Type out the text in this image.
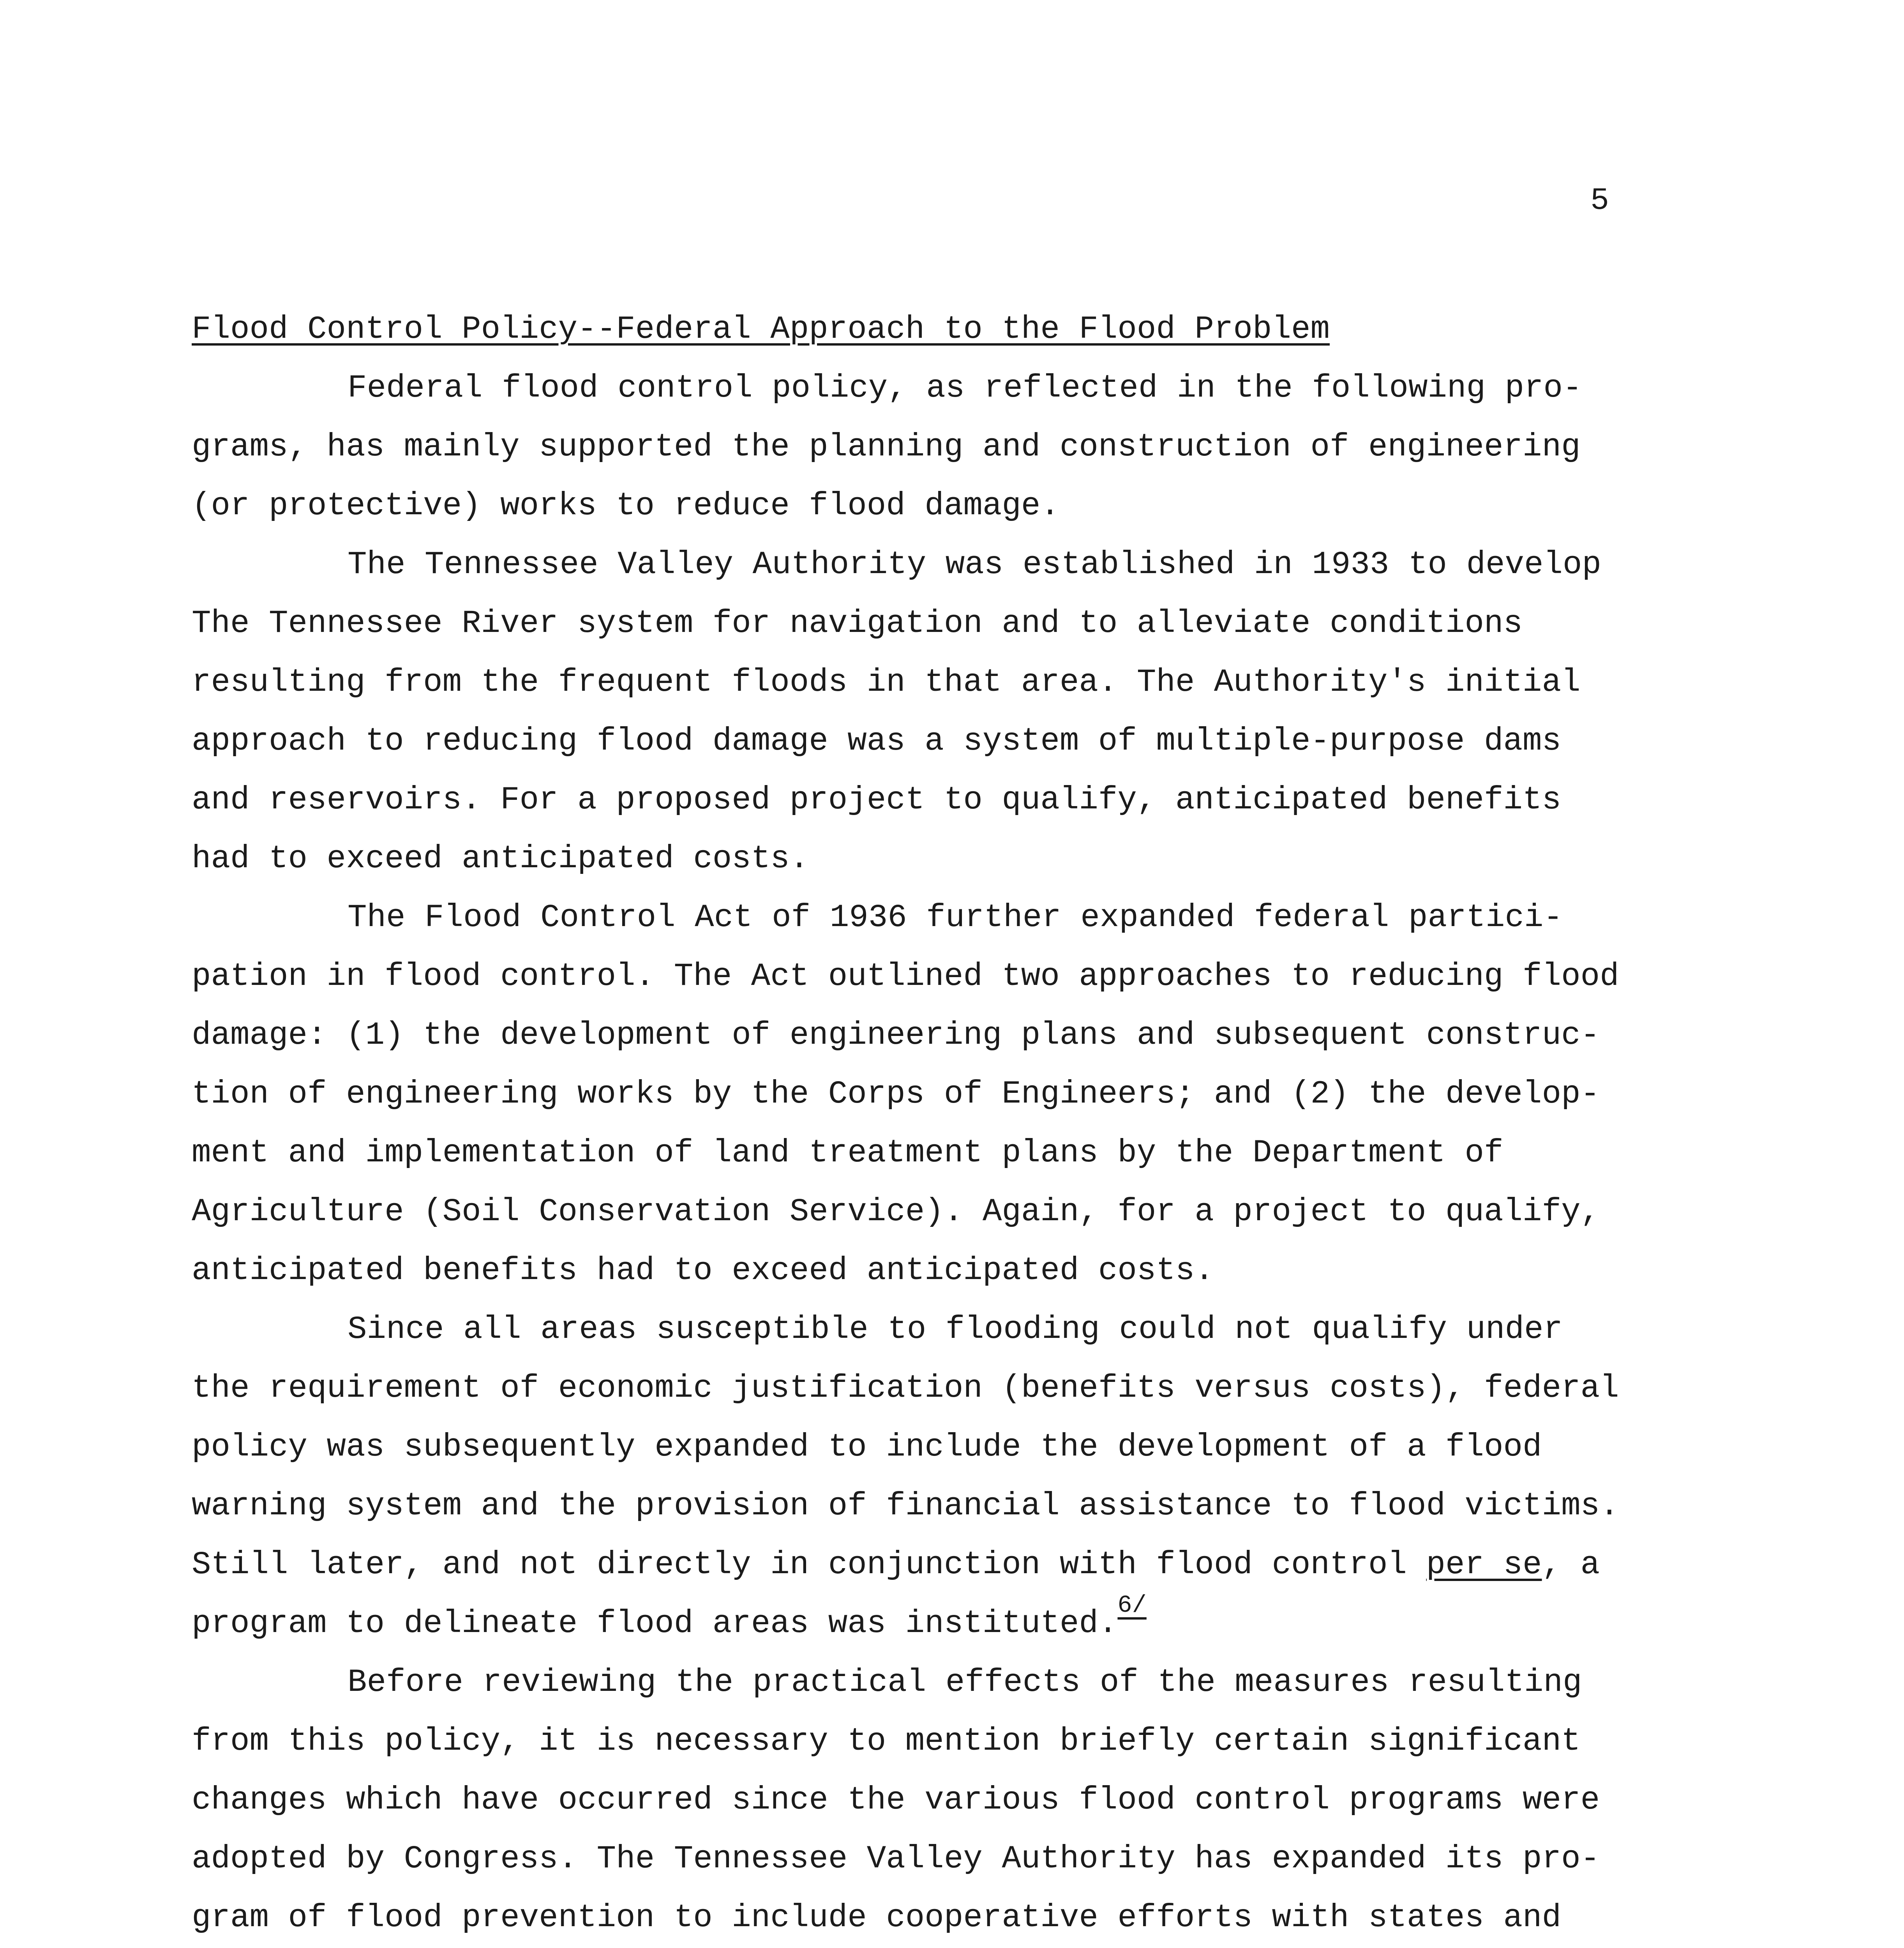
5
Flood Control Policy--Federal Approach to the Flood Problem
Federal flood control policy, as reflected in the following pro-
grams, has mainly supported the planning and construction of engineering
(or protective) works to reduce flood damage.
The Tennessee Valley Authority was established in 1933 to develop
The Tennessee River system for navigation and to alleviate conditions
resulting from the frequent floods in that area. The Authority's initial
approach to reducing flood damage was a system of multiple-purpose dams
and reservoirs. For a proposed project to qualify, anticipated benefits
had to exceed anticipated costs.
The Flood Control Act of 1936 further expanded federal partici-
pation in flood control. The Act outlined two approaches to reducing flood
damage: (1) the development of engineering plans and subsequent construc-
tion of engineering works by the Corps of Engineers; and (2) the develop-
ment and implementation of land treatment plans by the Department of
Agriculture (Soil Conservation Service). Again, for a project to qualify,
anticipated benefits had to exceed anticipated costs.
Since all areas susceptible to flooding could not qualify under
the requirement of economic justification (benefits versus costs), federal
policy was subsequently expanded to include the development of a flood
warning system and the provision of financial assistance to flood victims.
Still later, and not directly in conjunction with flood control per se, a
program to delineate flood areas was instituted.$^{6/}$
Before reviewing the practical effects of the measures resulting
from this policy, it is necessary to mention briefly certain significant
changes which have occurred since the various flood control programs were
adopted by Congress. The Tennessee Valley Authority has expanded its pro-
gram of flood prevention to include cooperative efforts with states and
